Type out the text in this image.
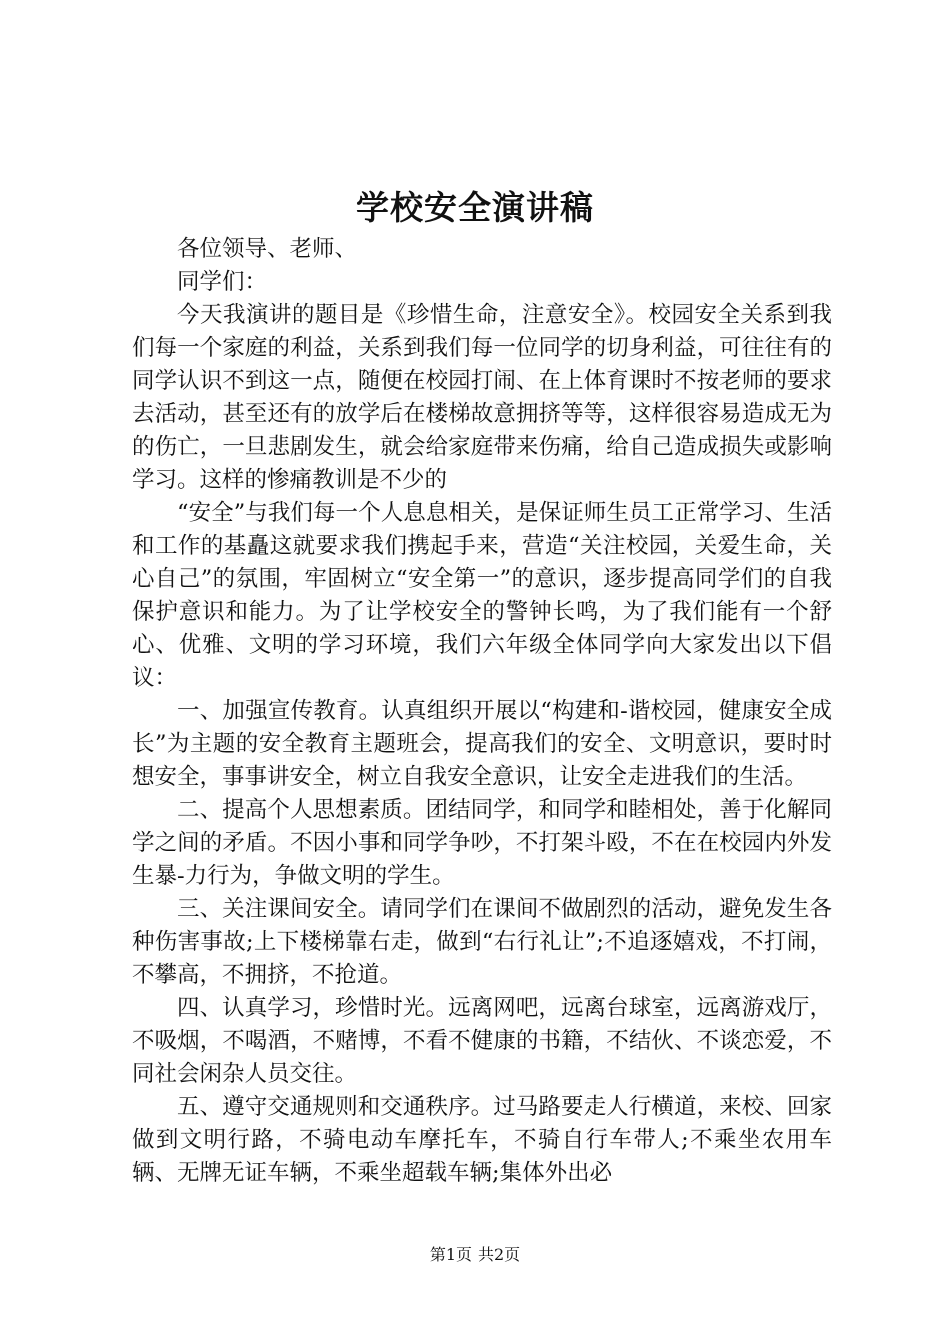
学校安全演讲稿

各位领导、老师、

同学们：

今天我演讲的题目是《珍惜生命，注意安全》。校园安全关系到我们每一个家庭的利益，关系到我们每一位同学的切身利益，可往往有的同学认识不到这一点，随便在校园打闹、在上体育课时不按老师的要求去活动，甚至还有的放学后在楼梯故意拥挤等等，这样很容易造成无为的伤亡，一旦悲剧发生，就会给家庭带来伤痛，给自己造成损失或影响学习。这样的惨痛教训是不少的

“安全”与我们每一个人息息相关，是保证师生员工正常学习、生活和工作的基矗这就要求我们携起手来，营造“关注校园，关爱生命，关心自己”的氛围，牢固树立“安全第一”的意识，逐步提高同学们的自我保护意识和能力。为了让学校安全的警钟长鸣，为了我们能有一个舒心、优雅、文明的学习环境，我们六年级全体同学向大家发出以下倡议：

一、加强宣传教育。认真组织开展以“构建和-谐校园，健康安全成长”为主题的安全教育主题班会，提高我们的安全、文明意识，要时时想安全，事事讲安全，树立自我安全意识，让安全走进我们的生活。

二、提高个人思想素质。团结同学，和同学和睦相处，善于化解同学之间的矛盾。不因小事和同学争吵，不打架斗殴，不在在校园内外发生暴-力行为，争做文明的学生。

三、关注课间安全。请同学们在课间不做剧烈的活动，避免发生各种伤害事故;上下楼梯靠右走，做到“右行礼让”;不追逐嬉戏，不打闹，不攀高，不拥挤，不抢道。

四、认真学习，珍惜时光。远离网吧，远离台球室，远离游戏厅，不吸烟，不喝酒，不赌博，不看不健康的书籍，不结伙、不谈恋爱，不同社会闲杂人员交往。

五、遵守交通规则和交通秩序。过马路要走人行横道，来校、回家做到文明行路，不骑电动车摩托车，不骑自行车带人;不乘坐农用车辆、无牌无证车辆，不乘坐超载车辆;集体外出必

第1页 共2页
